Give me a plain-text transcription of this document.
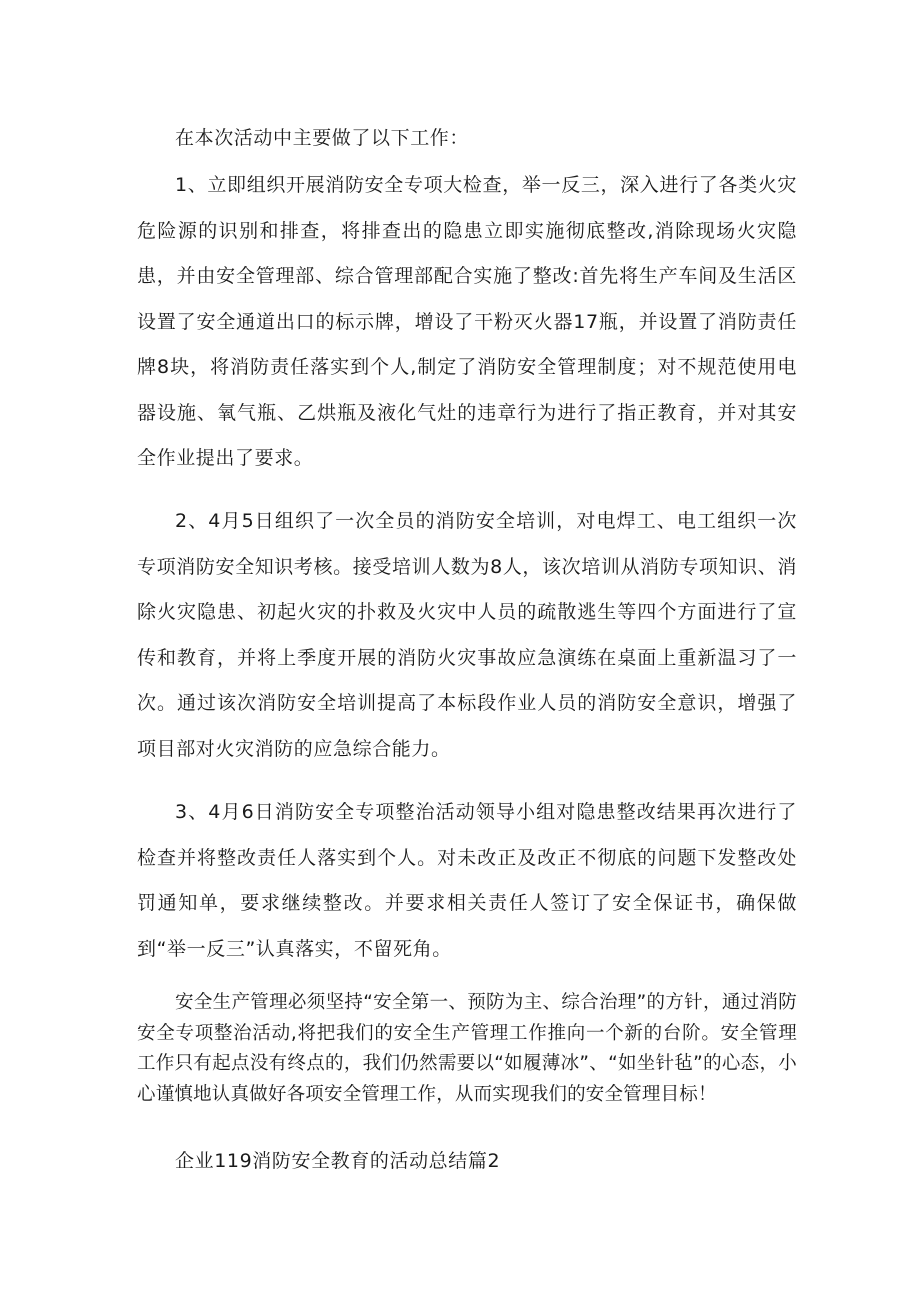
在本次活动中主要做了以下工作：

1、立即组织开展消防安全专项大检查，举一反三，深入进行了各类火灾危险源的识别和排查，将排查出的隐患立即实施彻底整改,消除现场火灾隐患，并由安全管理部、综合管理部配合实施了整改:首先将生产车间及生活区设置了安全通道出口的标示牌，增设了干粉灭火器17瓶，并设置了消防责任牌8块，将消防责任落实到个人,制定了消防安全管理制度；对不规范使用电器设施、氧气瓶、乙烘瓶及液化气灶的违章行为进行了指正教育，并对其安全作业提出了要求。

2、4月5日组织了一次全员的消防安全培训，对电焊工、电工组织一次专项消防安全知识考核。接受培训人数为8人，该次培训从消防专项知识、消除火灾隐患、初起火灾的扑救及火灾中人员的疏散逃生等四个方面进行了宣传和教育，并将上季度开展的消防火灾事故应急演练在桌面上重新温习了一次。通过该次消防安全培训提高了本标段作业人员的消防安全意识，增强了项目部对火灾消防的应急综合能力。

3、4月6日消防安全专项整治活动领导小组对隐患整改结果再次进行了检查并将整改责任人落实到个人。对未改正及改正不彻底的问题下发整改处罚通知单，要求继续整改。并要求相关责任人签订了安全保证书，确保做到“举一反三”认真落实，不留死角。

安全生产管理必须坚持“安全第一、预防为主、综合治理”的方针，通过消防安全专项整治活动,将把我们的安全生产管理工作推向一个新的台阶。安全管理工作只有起点没有终点的，我们仍然需要以“如履薄冰”、“如坐针毡”的心态，小心谨慎地认真做好各项安全管理工作，从而实现我们的安全管理目标！

企业119消防安全教育的活动总结篇2
